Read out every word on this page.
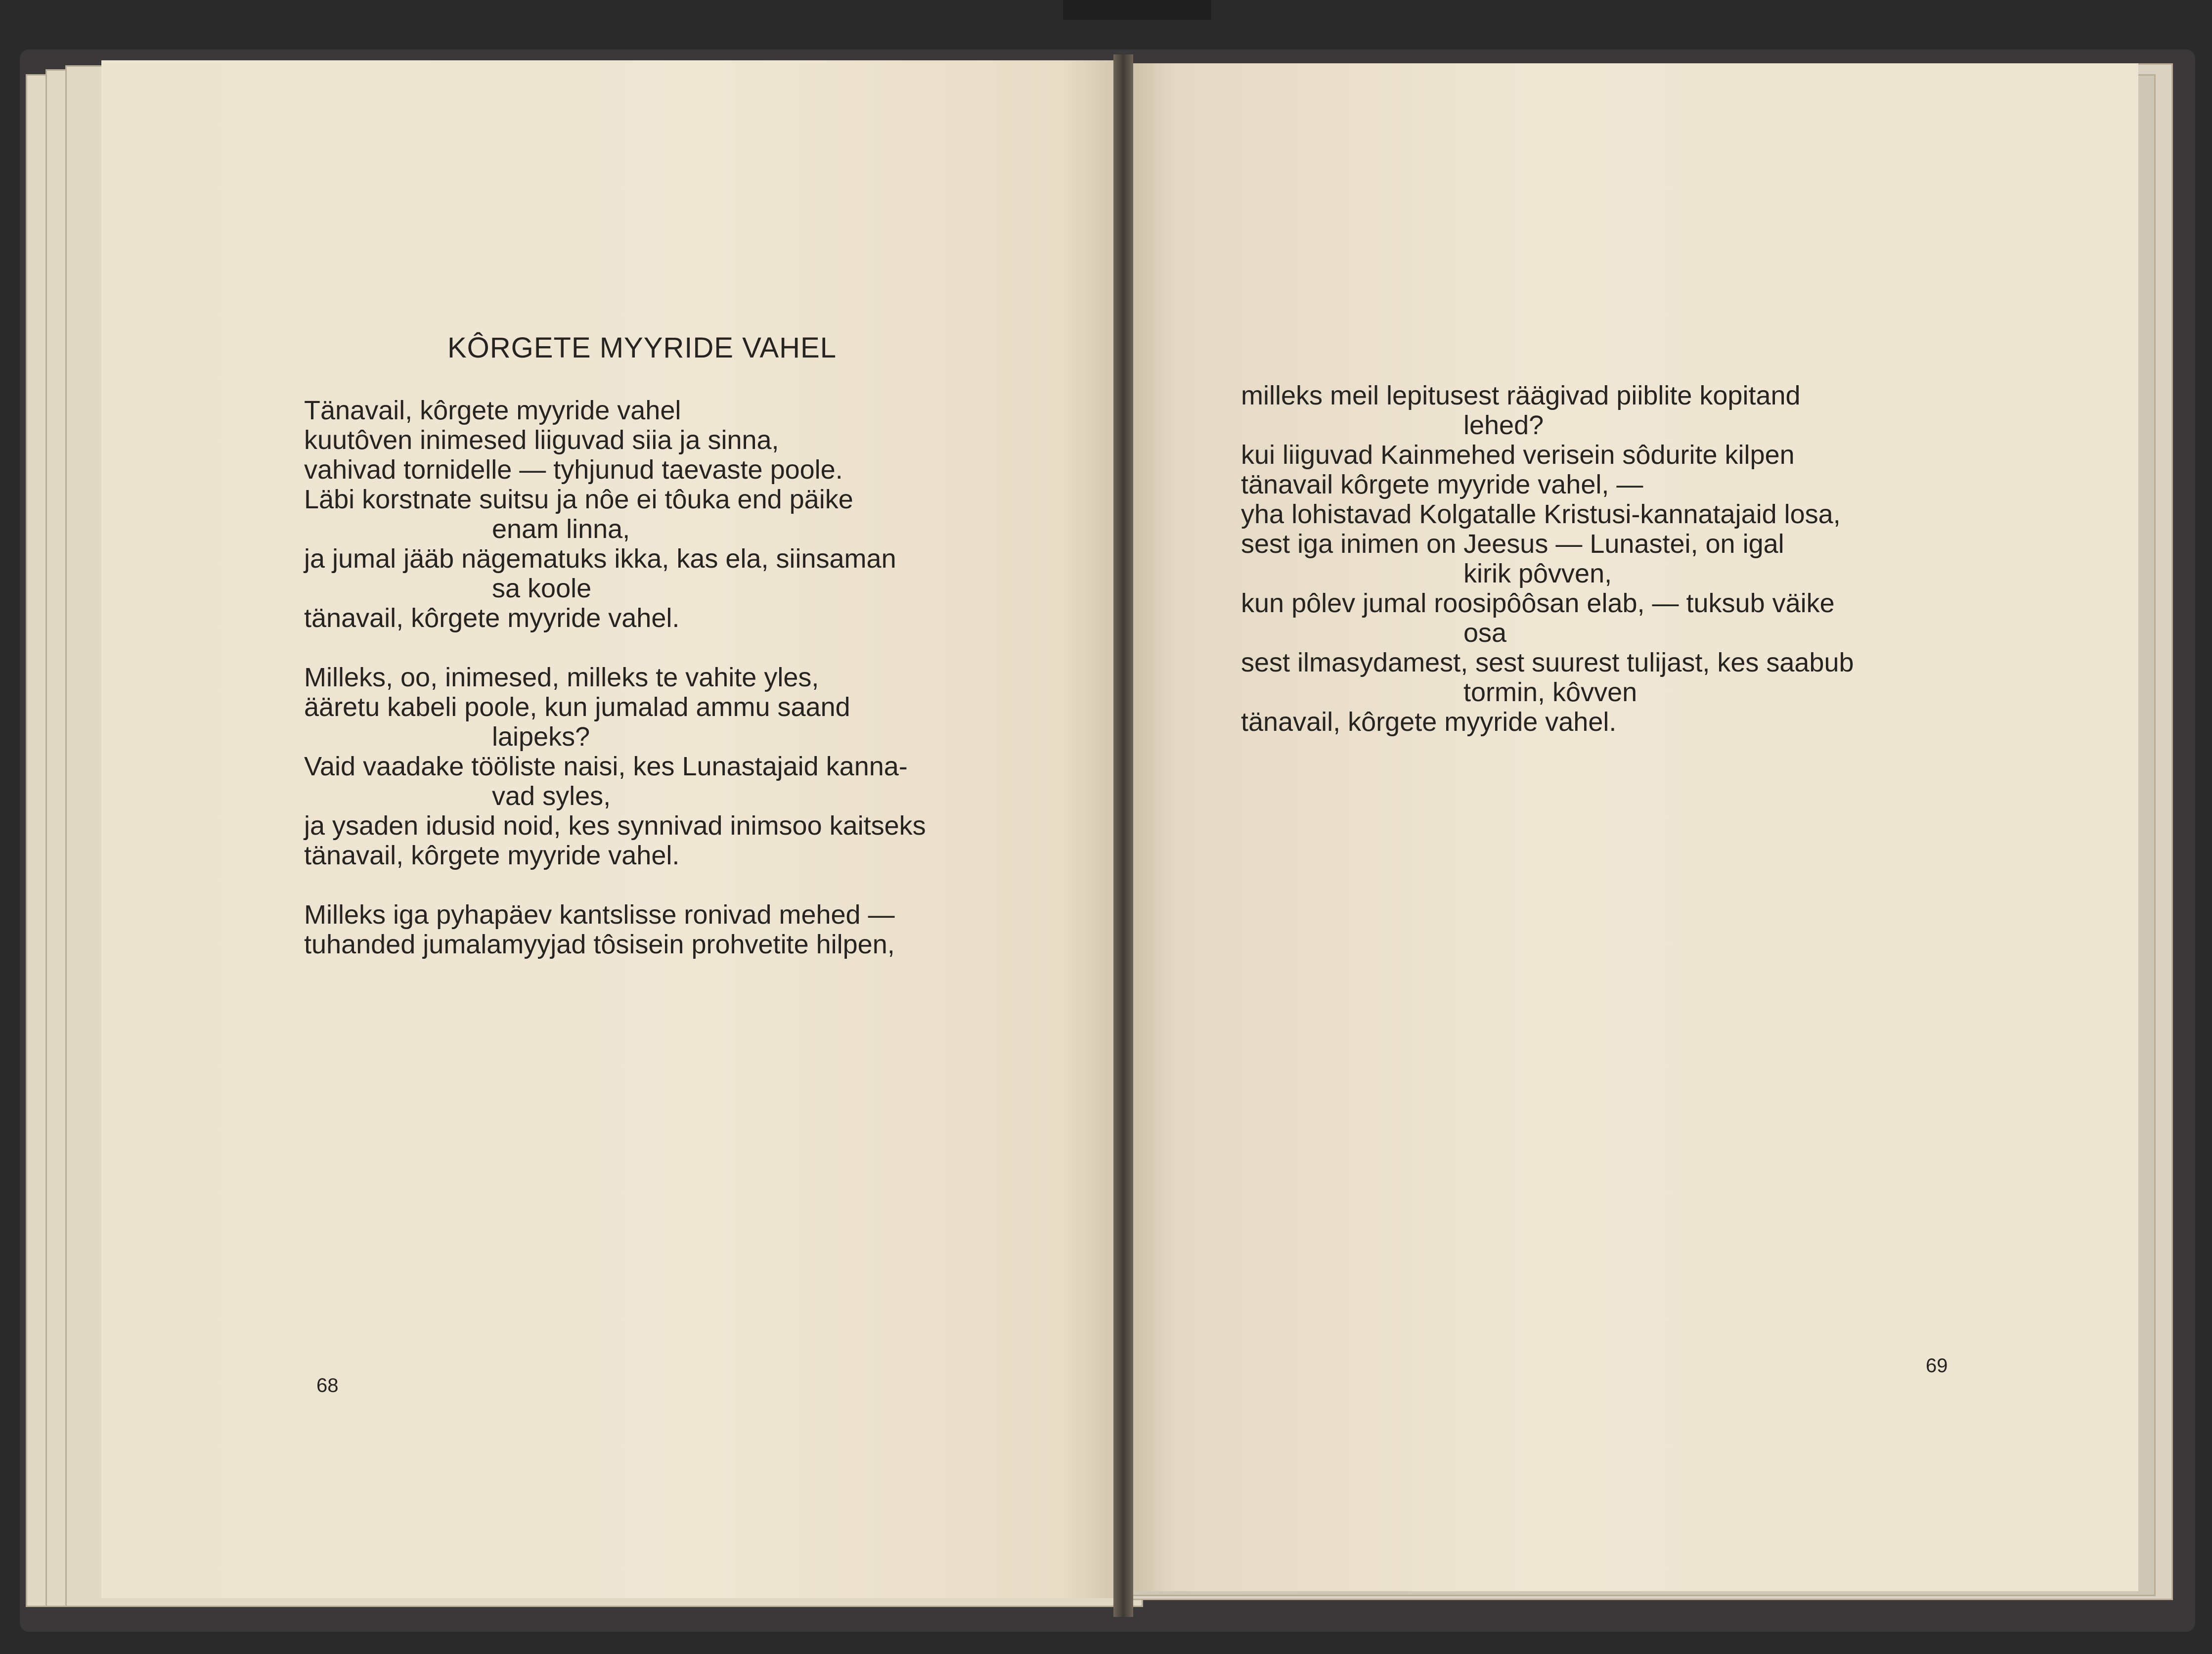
KÔRGETE MYYRIDE VAHEL
Tänavail, kôrgete myyride vahel
kuutôven inimesed liiguvad siia ja sinna,
vahivad tornidelle — tyhjunud taevaste poole.
Läbi korstnate suitsu ja nôe ei tôuka end päike
enam linna,
ja jumal jääb nägematuks ikka, kas ela, siinsaman
sa koole
tänavail, kôrgete myyride vahel.
Milleks, oo, inimesed, milleks te vahite yles,
ääretu kabeli poole, kun jumalad ammu saand
laipeks?
Vaid vaadake tööliste naisi, kes Lunastajaid kanna-
vad syles,
ja ysaden idusid noid, kes synnivad inimsoo kaitseks
tänavail, kôrgete myyride vahel.
Milleks iga pyhapäev kantslisse ronivad mehed —
tuhanded jumalamyyjad tôsisein prohvetite hilpen,
68
milleks meil lepitusest räägivad piiblite kopitand
lehed?
kui liiguvad Kainmehed verisein sôdurite kilpen
tänavail kôrgete myyride vahel, —
yha lohistavad Kolgatalle Kristusi-kannatajaid losa,
sest iga inimen on Jeesus — Lunastei, on igal
kirik pôvven,
kun pôlev jumal roosipôôsan elab, — tuksub väike
osa
sest ilmasydamest, sest suurest tulijast, kes saabub
tormin, kôvven
tänavail, kôrgete myyride vahel.
69
